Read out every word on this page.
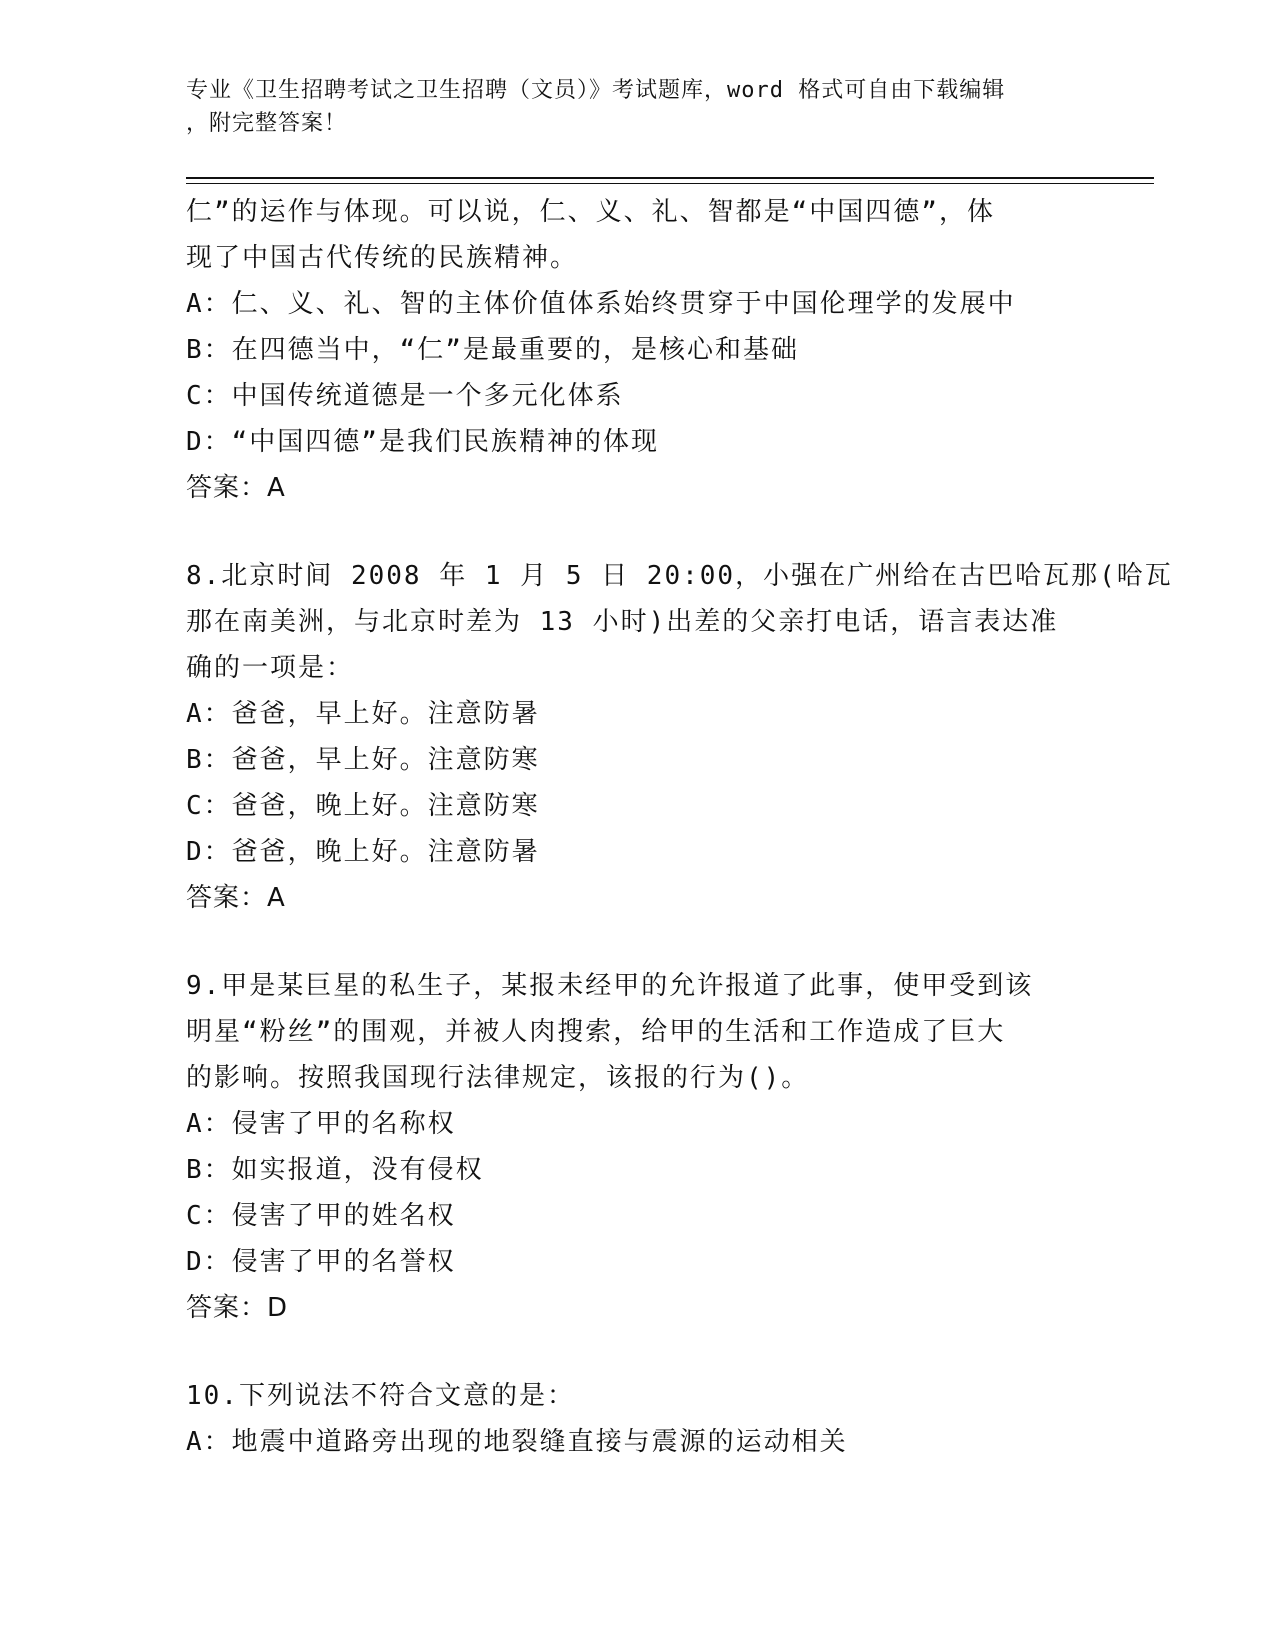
专业《卫生招聘考试之卫生招聘（文员）》考试题库，word 格式可自由下载编辑
，附完整答案！
仁”的运作与体现。可以说，仁、义、礼、智都是“中国四德”，体
现了中国古代传统的民族精神。
A：仁、义、礼、智的主体价值体系始终贯穿于中国伦理学的发展中
B：在四德当中，“仁”是最重要的，是核心和基础
C：中国传统道德是一个多元化体系
D：“中国四德”是我们民族精神的体现
答案：A
8.北京时间 2008 年 1 月 5 日 20:00，小强在广州给在古巴哈瓦那(哈瓦
那在南美洲，与北京时差为 13 小时)出差的父亲打电话，语言表达准
确的一项是：
A：爸爸，早上好。注意防暑
B：爸爸，早上好。注意防寒
C：爸爸，晚上好。注意防寒
D：爸爸，晚上好。注意防暑
答案：A
9.甲是某巨星的私生子，某报未经甲的允许报道了此事，使甲受到该
明星“粉丝”的围观，并被人肉搜索，给甲的生活和工作造成了巨大
的影响。按照我国现行法律规定，该报的行为()。
A：侵害了甲的名称权
B：如实报道，没有侵权
C：侵害了甲的姓名权
D：侵害了甲的名誉权
答案：D
10.下列说法不符合文意的是：
A：地震中道路旁出现的地裂缝直接与震源的运动相关
